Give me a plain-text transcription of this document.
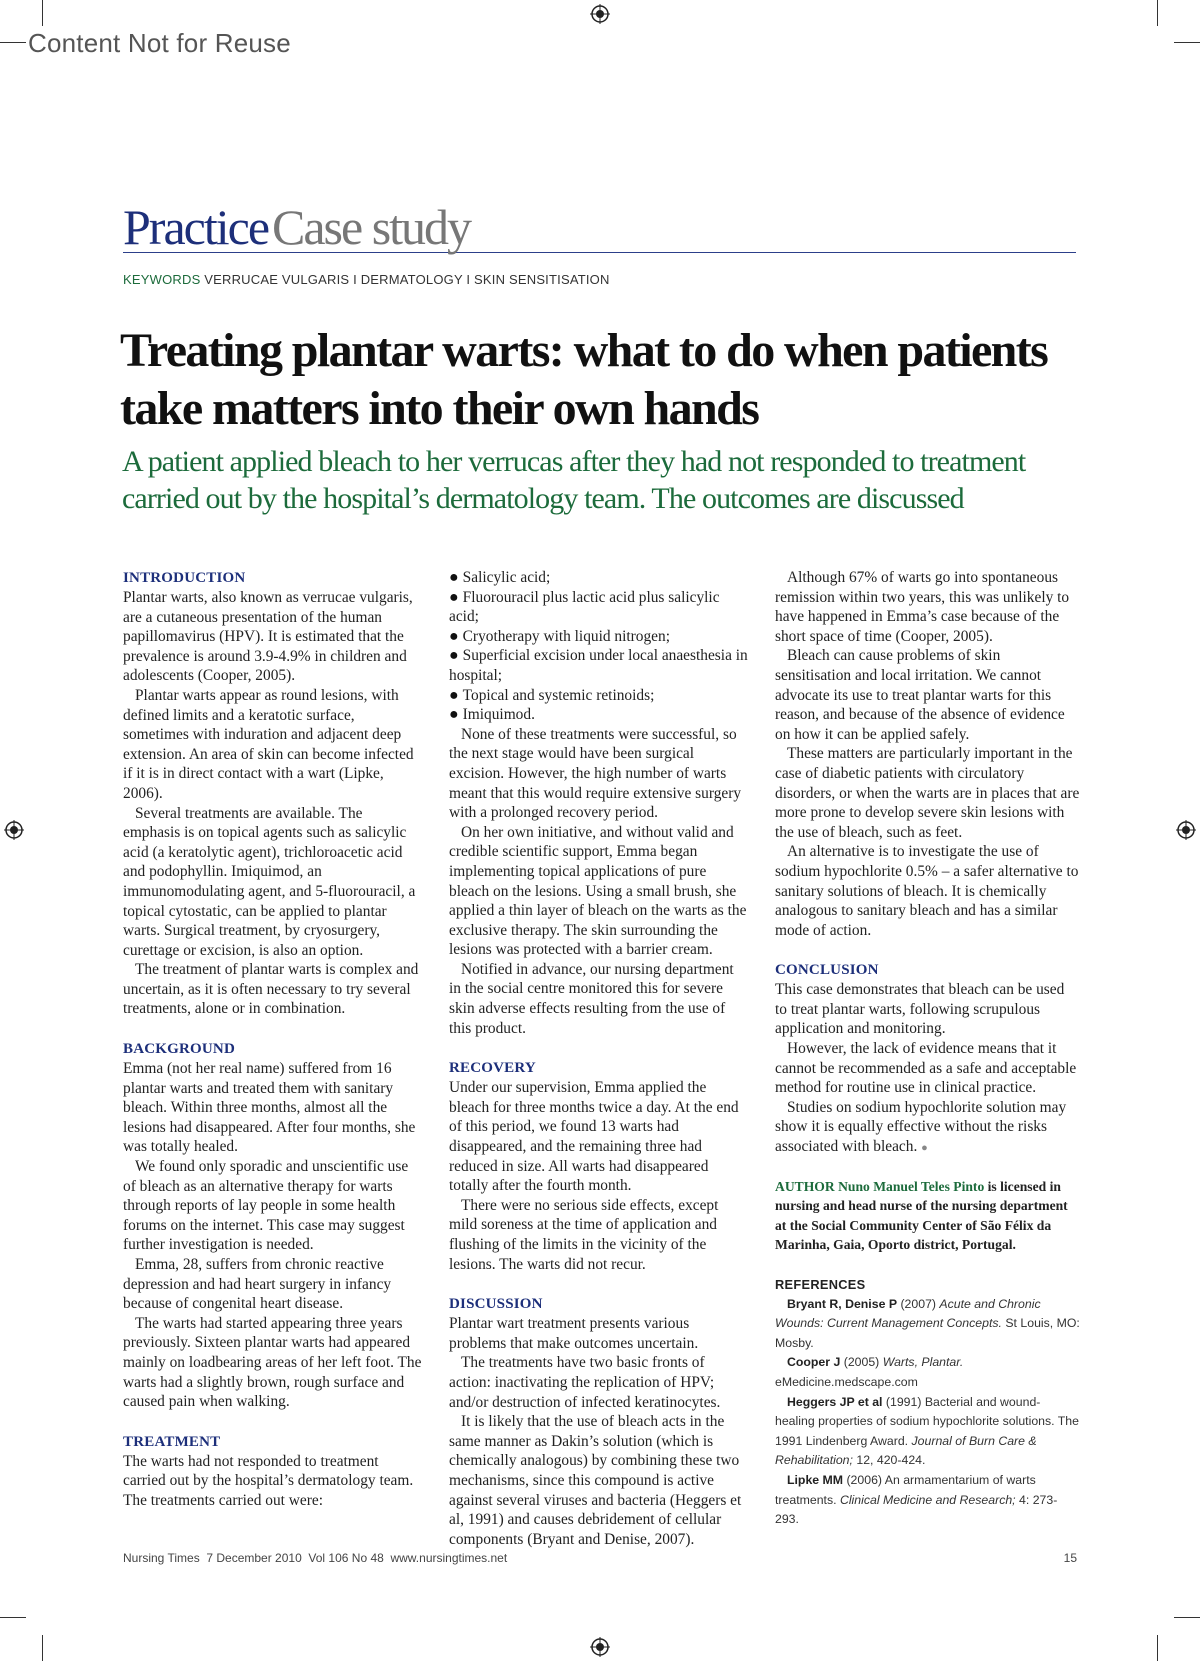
Content Not for Reuse
Practice Case study
KEYWORDS VERRUCAE VULGARIS I DERMATOLOGY I SKIN SENSITISATION
Treating plantar warts: what to do when patients take matters into their own hands
A patient applied bleach to her verrucas after they had not responded to treatment carried out by the hospital’s dermatology team. The outcomes are discussed
INTRODUCTION

Plantar warts, also known as verrucae vulgaris, are a cutaneous presentation of the human papillomavirus (HPV). It is estimated that the prevalence is around 3.9-4.9% in children and adolescents (Cooper, 2005).

Plantar warts appear as round lesions, with defined limits and a keratotic surface, sometimes with induration and adjacent deep extension. An area of skin can become infected if it is in direct contact with a wart (Lipke, 2006).

Several treatments are available. The emphasis is on topical agents such as salicylic acid (a keratolytic agent), trichloroacetic acid and podophyllin. Imiquimod, an immunomodulating agent, and 5-fluorouracil, a topical cytostatic, can be applied to plantar warts. Surgical treatment, by cryosurgery, curettage or excision, is also an option.

The treatment of plantar warts is complex and uncertain, as it is often necessary to try several treatments, alone or in combination.

BACKGROUND

Emma (not her real name) suffered from 16 plantar warts and treated them with sanitary bleach. Within three months, almost all the lesions had disappeared. After four months, she was totally healed.

We found only sporadic and unscientific use of bleach as an alternative therapy for warts through reports of lay people in some health forums on the internet. This case may suggest further investigation is needed.

Emma, 28, suffers from chronic reactive depression and had heart surgery in infancy because of congenital heart disease.

The warts had started appearing three years previously. Sixteen plantar warts had appeared mainly on loadbearing areas of her left foot. The warts had a slightly brown, rough surface and caused pain when walking.

TREATMENT

The warts had not responded to treatment carried out by the hospital’s dermatology team. The treatments carried out were:

● Salicylic acid;
● Fluorouracil plus lactic acid plus salicylic acid;
● Cryotherapy with liquid nitrogen;
● Superficial excision under local anaesthesia in hospital;
● Topical and systemic retinoids;
● Imiquimod.

None of these treatments were successful, so the next stage would have been surgical excision. However, the high number of warts meant that this would require extensive surgery with a prolonged recovery period.

On her own initiative, and without valid and credible scientific support, Emma began implementing topical applications of pure bleach on the lesions. Using a small brush, she applied a thin layer of bleach on the warts as the exclusive therapy. The skin surrounding the lesions was protected with a barrier cream.

Notified in advance, our nursing department in the social centre monitored this for severe skin adverse effects resulting from the use of this product.

RECOVERY

Under our supervision, Emma applied the bleach for three months twice a day. At the end of this period, we found 13 warts had disappeared, and the remaining three had reduced in size. All warts had disappeared totally after the fourth month.

There were no serious side effects, except mild soreness at the time of application and flushing of the limits in the vicinity of the lesions. The warts did not recur.

DISCUSSION

Plantar wart treatment presents various problems that make outcomes uncertain.

The treatments have two basic fronts of action: inactivating the replication of HPV; and/or destruction of infected keratinocytes.

It is likely that the use of bleach acts in the same manner as Dakin’s solution (which is chemically analogous) by combining these two mechanisms, since this compound is active against several viruses and bacteria (Heggers et al, 1991) and causes debridement of cellular components (Bryant and Denise, 2007).

Although 67% of warts go into spontaneous remission within two years, this was unlikely to have happened in Emma’s case because of the short space of time (Cooper, 2005).

Bleach can cause problems of skin sensitisation and local irritation. We cannot advocate its use to treat plantar warts for this reason, and because of the absence of evidence on how it can be applied safely.

These matters are particularly important in the case of diabetic patients with circulatory disorders, or when the warts are in places that are more prone to develop severe skin lesions with the use of bleach, such as feet.

An alternative is to investigate the use of sodium hypochlorite 0.5% – a safer alternative to sanitary solutions of bleach. It is chemically analogous to sanitary bleach and has a similar mode of action.

CONCLUSION

This case demonstrates that bleach can be used to treat plantar warts, following scrupulous application and monitoring.

However, the lack of evidence means that it cannot be recommended as a safe and acceptable method for routine use in clinical practice.

Studies on sodium hypochlorite solution may show it is equally effective without the risks associated with bleach. ●

AUTHOR Nuno Manuel Teles Pinto is licensed in nursing and head nurse of the nursing department at the Social Community Center of São Félix da Marinha, Gaia, Oporto district, Portugal.
REFERENCES

Bryant R, Denise P (2007) Acute and Chronic Wounds: Current Management Concepts. St Louis, MO: Mosby.

Cooper J (2005) Warts, Plantar. eMedicine.medscape.com

Heggers JP et al (1991) Bacterial and wound-healing properties of sodium hypochlorite solutions. The 1991 Lindenberg Award. Journal of Burn Care & Rehabilitation; 12, 420-424.

Lipke MM (2006) An armamentarium of warts treatments. Clinical Medicine and Research; 4: 273-293.

Nursing Times  7 December 2010  Vol 106 No 48  www.nursingtimes.net	15
